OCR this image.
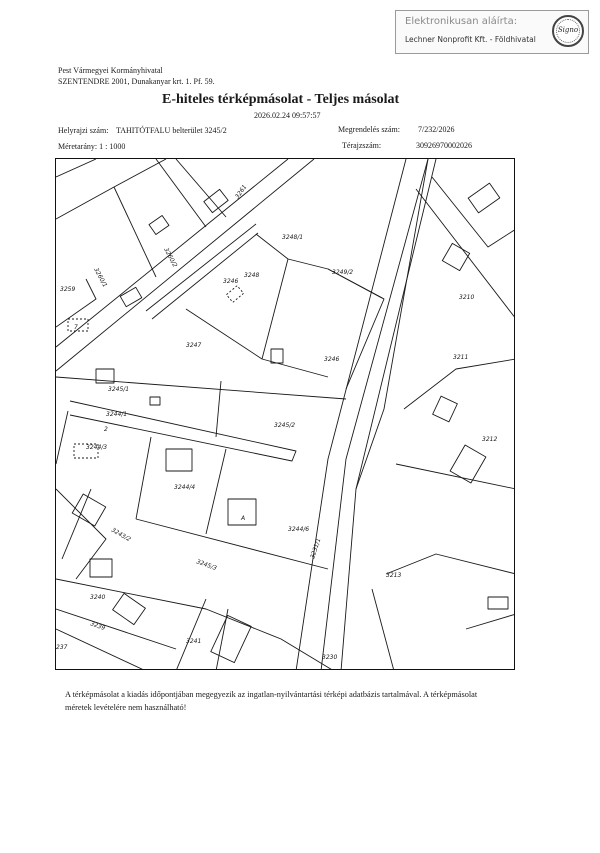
Elektronikusan aláírta:
Lechner Nonprofit Kft. - Földhivatal
Signo
Pest Vármegyei Kormányhivatal
SZENTENDRE 2001, Dunakanyar krt. 1. Pf. 59.
E-hiteles térképmásolat - Teljes másolat
2026.02.24 09:57:57
Helyrajzi szám: TAHITÓTFALU belterület 3245/2	Megrendelés szám: 7/232/2026
Méretarány: 1 : 1000	Térajzszám:	30926970002026
3261
3260/2
3260/1
3259
7
3248/1
3249/2
3248
3246
3247
3246
3210
3211
3245/1
3244/1
2
3245/2
3212
3244/3
3244/4
A
3244/6
3243/2
3231/1
3245/3
3213
3240
3239
3241
3230
237
A térképmásolat a kiadás időpontjában megegyezik az ingatlan-nyilvántartási térképi adatbázis tartalmával. A térképmásolat méretek levételére nem használható!
